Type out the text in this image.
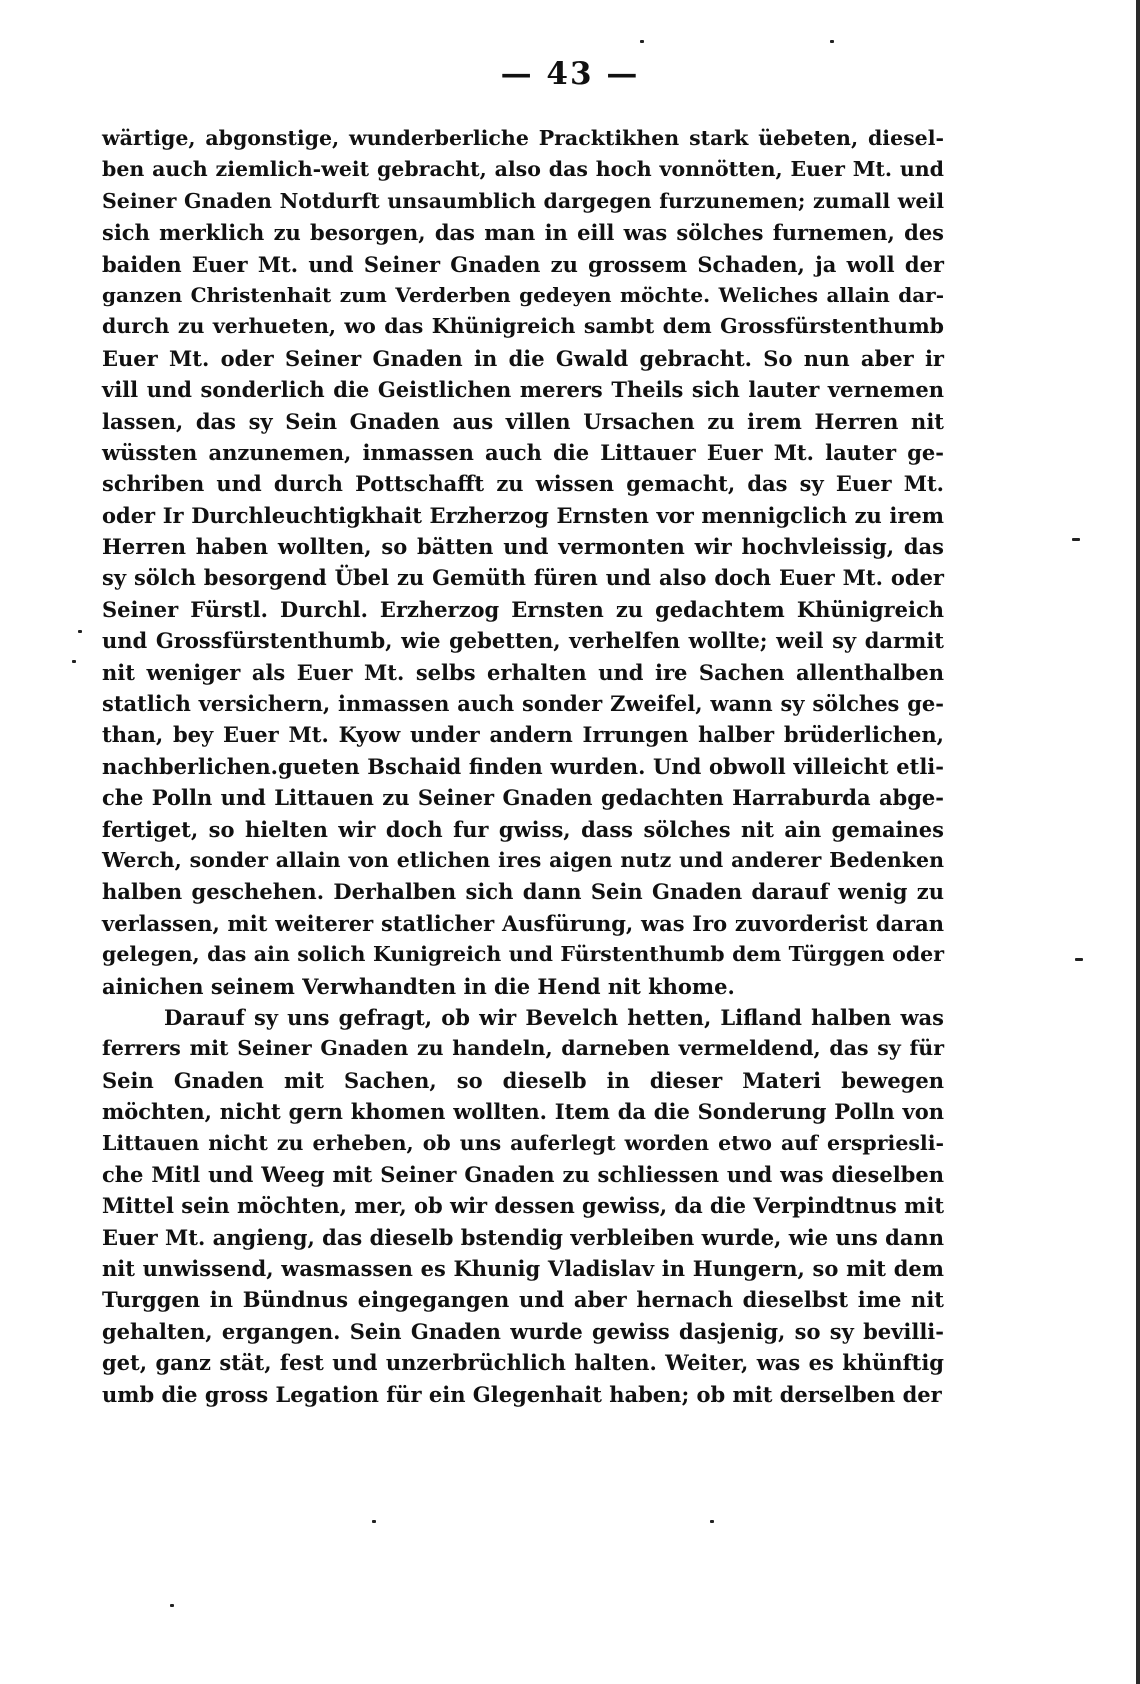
— 43 —
wärtige, abgonstige, wunderberliche Pracktikhen stark üebeten, diesel-
ben auch ziemlich-weit gebracht, also das hoch vonnötten, Euer Mt. und
Seiner Gnaden Notdurft unsaumblich dargegen furzunemen; zumall weil
sich merklich zu besorgen, das man in eill was sölches furnemen, des
baiden Euer Mt. und Seiner Gnaden zu grossem Schaden, ja woll der
ganzen Christenhait zum Verderben gedeyen möchte. Weliches allain dar-
durch zu verhueten, wo das Khünigreich sambt dem Grossfürstenthumb
Euer Mt. oder Seiner Gnaden in die Gwald gebracht. So nun aber ir
vill und sonderlich die Geistlichen merers Theils sich lauter vernemen
lassen, das sy Sein Gnaden aus villen Ursachen zu irem Herren nit
wüssten anzunemen, inmassen auch die Littauer Euer Mt. lauter ge-
schriben und durch Pottschafft zu wissen gemacht, das sy Euer Mt.
oder Ir Durchleuchtigkhait Erzherzog Ernsten vor mennigclich zu irem
Herren haben wollten, so bätten und vermonten wir hochvleissig, das
sy sölch besorgend Übel zu Gemüth füren und also doch Euer Mt. oder
Seiner Fürstl. Durchl. Erzherzog Ernsten zu gedachtem Khünigreich
und Grossfürstenthumb, wie gebetten, verhelfen wollte; weil sy darmit
nit weniger als Euer Mt. selbs erhalten und ire Sachen allenthalben
statlich versichern, inmassen auch sonder Zweifel, wann sy sölches ge-
than, bey Euer Mt. Kyow under andern Irrungen halber brüderlichen,
nachberlichen.gueten Bschaid finden wurden. Und obwoll villeicht etli-
che Polln und Littauen zu Seiner Gnaden gedachten Harraburda abge-
fertiget, so hielten wir doch fur gwiss, dass sölches nit ain gemaines
Werch, sonder allain von etlichen ires aigen nutz und anderer Bedenken
halben geschehen. Derhalben sich dann Sein Gnaden darauf wenig zu
verlassen, mit weiterer statlicher Ausfürung, was Iro zuvorderist daran
gelegen, das ain solich Kunigreich und Fürstenthumb dem Türggen oder
ainichen seinem Verwhandten in die Hend nit khome.
Darauf sy uns gefragt, ob wir Bevelch hetten, Lifland halben was
ferrers mit Seiner Gnaden zu handeln, darneben vermeldend, das sy für
Sein Gnaden mit Sachen, so dieselb in dieser Materi bewegen
möchten, nicht gern khomen wollten. Item da die Sonderung Polln von
Littauen nicht zu erheben, ob uns auferlegt worden etwo auf erspriesli-
che Mitl und Weeg mit Seiner Gnaden zu schliessen und was dieselben
Mittel sein möchten, mer, ob wir dessen gewiss, da die Verpindtnus mit
Euer Mt. angieng, das dieselb bstendig verbleiben wurde, wie uns dann
nit unwissend, wasmassen es Khunig Vladislav in Hungern, so mit dem
Turggen in Bündnus eingegangen und aber hernach dieselbst ime nit
gehalten, ergangen. Sein Gnaden wurde gewiss dasjenig, so sy bevilli-
get, ganz stät, fest und unzerbrüchlich halten. Weiter, was es khünftig
umb die gross Legation für ein Glegenhait haben; ob mit derselben der
